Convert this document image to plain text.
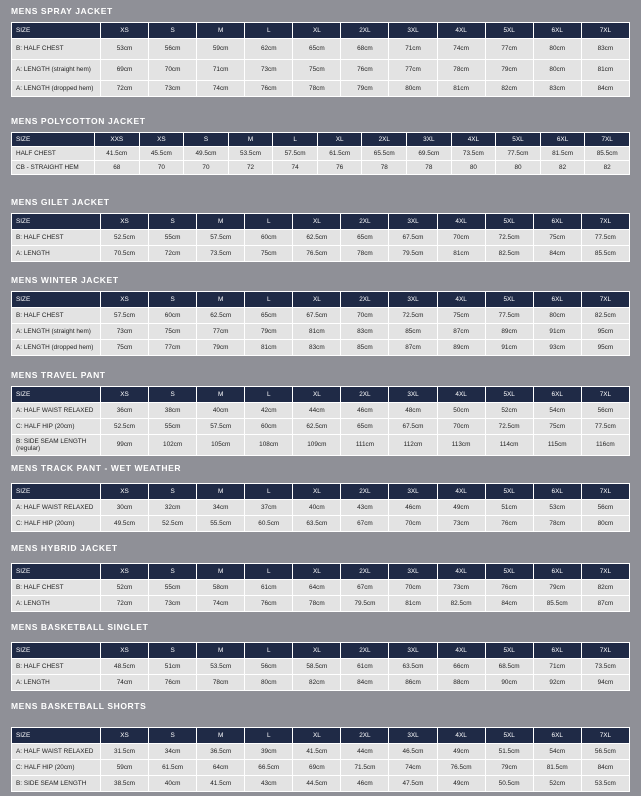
MENS SPRAY JACKET
SIZE	XS	S	M	L	XL	2XL	3XL	4XL	5XL	6XL	7XL
B: HALF CHEST	53cm	56cm	59cm	62cm	65cm	68cm	71cm	74cm	77cm	80cm	83cm
A: LENGTH (straight hem)	69cm	70cm	71cm	73cm	75cm	76cm	77cm	78cm	79cm	80cm	81cm
A: LENGTH (dropped hem)	72cm	73cm	74cm	76cm	78cm	79cm	80cm	81cm	82cm	83cm	84cm
MENS POLYCOTTON JACKET
SIZE	XXS	XS	S	M	L	XL	2XL	3XL	4XL	5XL	6XL	7XL
HALF CHEST	41.5cm	45.5cm	49.5cm	53.5cm	57.5cm	61.5cm	65.5cm	69.5cm	73.5cm	77.5cm	81.5cm	85.5cm
CB - STRAIGHT HEM	68	70	70	72	74	76	78	78	80	80	82	82
MENS GILET JACKET
SIZE	XS	S	M	L	XL	2XL	3XL	4XL	5XL	6XL	7XL
B: HALF CHEST	52.5cm	55cm	57.5cm	60cm	62.5cm	65cm	67.5cm	70cm	72.5cm	75cm	77.5cm
A: LENGTH	70.5cm	72cm	73.5cm	75cm	76.5cm	78cm	79.5cm	81cm	82.5cm	84cm	85.5cm
MENS WINTER JACKET
SIZE	XS	S	M	L	XL	2XL	3XL	4XL	5XL	6XL	7XL
B: HALF CHEST	57.5cm	60cm	62.5cm	65cm	67.5cm	70cm	72.5cm	75cm	77.5cm	80cm	82.5cm
A: LENGTH (straight hem)	73cm	75cm	77cm	79cm	81cm	83cm	85cm	87cm	89cm	91cm	95cm
A: LENGTH (dropped hem)	75cm	77cm	79cm	81cm	83cm	85cm	87cm	89cm	91cm	93cm	95cm
MENS TRAVEL PANT
SIZE	XS	S	M	L	XL	2XL	3XL	4XL	5XL	6XL	7XL
A: HALF WAIST RELAXED	36cm	38cm	40cm	42cm	44cm	46cm	48cm	50cm	52cm	54cm	56cm
C: HALF HIP (20cm)	52.5cm	55cm	57.5cm	60cm	62.5cm	65cm	67.5cm	70cm	72.5cm	75cm	77.5cm
B: SIDE SEAM LENGTH (regular)	99cm	102cm	105cm	108cm	109cm	111cm	112cm	113cm	114cm	115cm	116cm
MENS TRACK PANT - WET WEATHER
SIZE	XS	S	M	L	XL	2XL	3XL	4XL	5XL	6XL	7XL
A: HALF WAIST RELAXED	30cm	32cm	34cm	37cm	40cm	43cm	46cm	49cm	51cm	53cm	56cm
C: HALF HIP (20cm)	49.5cm	52.5cm	55.5cm	60.5cm	63.5cm	67cm	70cm	73cm	76cm	78cm	80cm
MENS HYBRID JACKET
SIZE	XS	S	M	L	XL	2XL	3XL	4XL	5XL	6XL	7XL
B: HALF CHEST	52cm	55cm	58cm	61cm	64cm	67cm	70cm	73cm	76cm	79cm	82cm
A: LENGTH	72cm	73cm	74cm	76cm	78cm	79.5cm	81cm	82.5cm	84cm	85.5cm	87cm
MENS BASKETBALL SINGLET
SIZE	XS	S	M	L	XL	2XL	3XL	4XL	5XL	6XL	7XL
B: HALF CHEST	48.5cm	51cm	53.5cm	56cm	58.5cm	61cm	63.5cm	66cm	68.5cm	71cm	73.5cm
A: LENGTH	74cm	76cm	78cm	80cm	82cm	84cm	86cm	88cm	90cm	92cm	94cm
MENS BASKETBALL SHORTS
SIZE	XS	S	M	L	XL	2XL	3XL	4XL	5XL	6XL	7XL
A: HALF WAIST RELAXED	31.5cm	34cm	36.5cm	39cm	41.5cm	44cm	46.5cm	49cm	51.5cm	54cm	56.5cm
C: HALF HIP (20cm)	59cm	61.5cm	64cm	66.5cm	69cm	71.5cm	74cm	76.5cm	79cm	81.5cm	84cm
B: SIDE SEAM LENGTH	38.5cm	40cm	41.5cm	43cm	44.5cm	46cm	47.5cm	49cm	50.5cm	52cm	53.5cm
